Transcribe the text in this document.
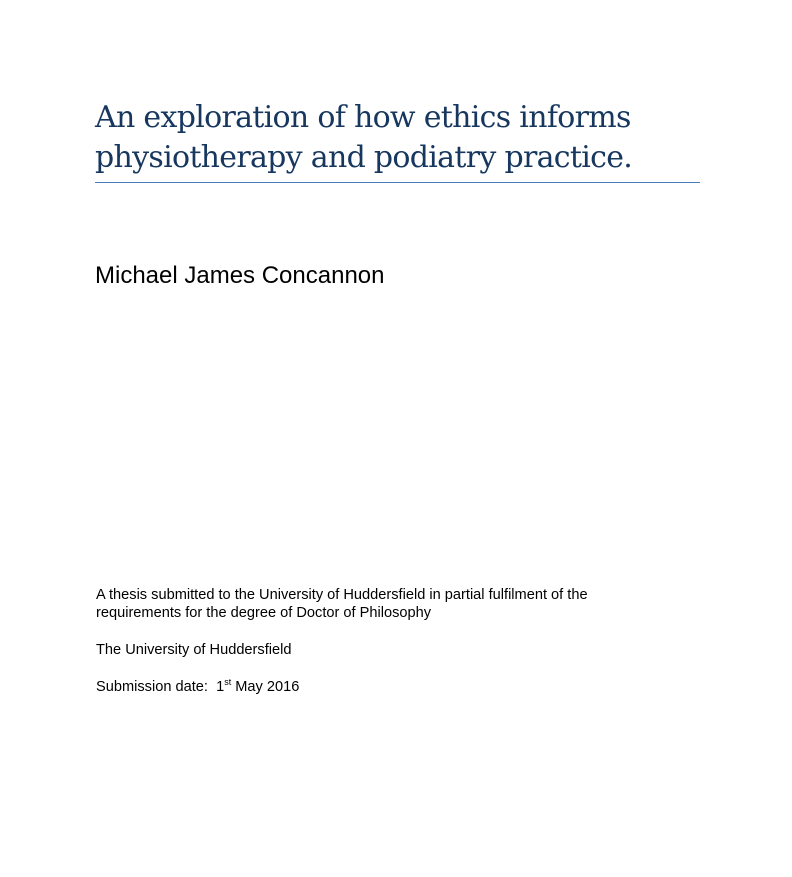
An exploration of how ethics informs
physiotherapy and podiatry practice.
Michael James Concannon
A thesis submitted to the University of Huddersfield in partial fulfilment of the
requirements for the degree of Doctor of Philosophy
The University of Huddersfield
Submission date:  1st May 2016
